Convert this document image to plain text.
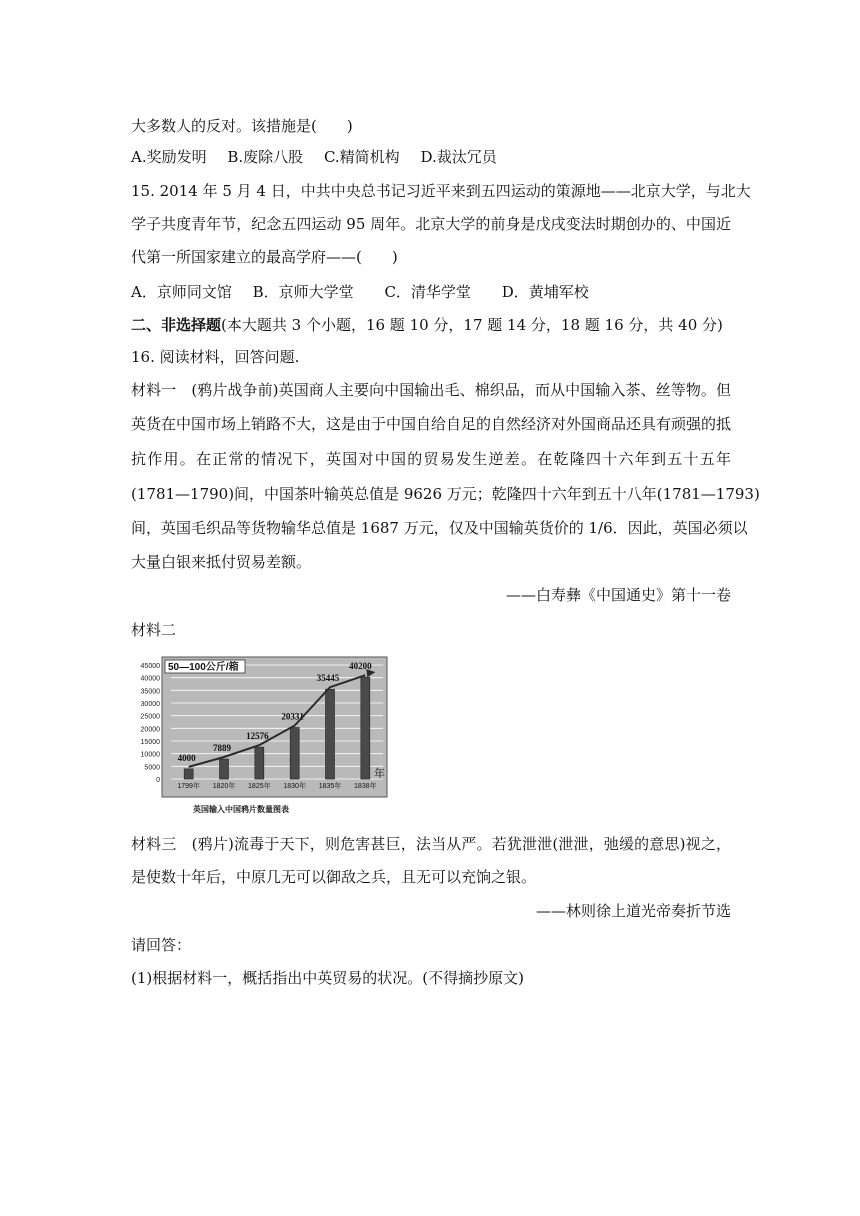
大多数人的反对。该措施是(　　)
A.奖励发明 B.废除八股 C.精简机构 D.裁汰冗员
15. 2014 年 5 月 4 日，中共中央总书记习近平来到五四运动的策源地——北京大学，与北大
学子共度青年节，纪念五四运动 95 周年。北京大学的前身是戊戌变法时期创办的、中国近
代第一所国家建立的最高学府——(　　)
A．京师同文馆 B．京师大学堂 C．清华学堂 D．黄埔军校
二、非选择题(本大题共 3 个小题，16 题 10 分，17 题 14 分，18 题 16 分，共 40 分)
16. 阅读材料，回答问题.
材料一　(鸦片战争前)英国商人主要向中国输出毛、棉织品，而从中国输入茶、丝等物。但
英货在中国市场上销路不大，这是由于中国自给自足的自然经济对外国商品还具有顽强的抵
抗作用。在正常的情况下，英国对中国的贸易发生逆差。在乾隆四十六年到五十五年
(1781—1790)间，中国茶叶输英总值是 9626 万元；乾隆四十六年到五十八年(1781—1793)
间，英国毛织品等货物输华总值是 1687 万元，仅及中国输英货价的 1/6．因此，英国必须以
大量白银来抵付贸易差额。
——白寿彝《中国通史》第十一卷
材料二
0
5000
10000
15000
20000
25000
30000
35000
40000
45000
1799年 1820年 1825年 1830年 1835年 1838年
4000
7889
12576
20331
35445
40200
50—100公斤/箱
年
英国输入中国鸦片数量图表
材料三　(鸦片)流毒于天下，则危害甚巨，法当从严。若犹泄泄(泄泄，弛缓的意思)视之，
是使数十年后，中原几无可以御敌之兵，且无可以充饷之银。
——林则徐上道光帝奏折节选
请回答：
(1)根据材料一，概括指出中英贸易的状况。(不得摘抄原文)
